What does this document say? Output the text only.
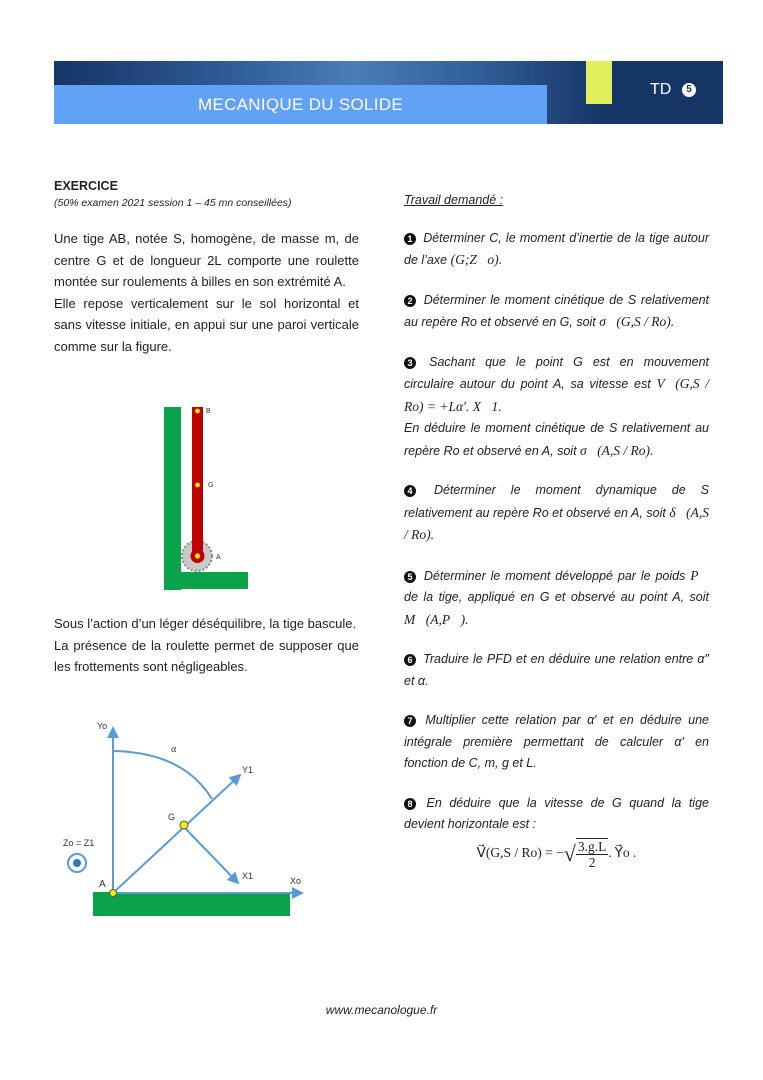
MECANIQUE DU SOLIDE
TD	5
EXERCICE
(50% examen 2021 session 1 – 45 mn conseillées)

Une tige AB, notée S, homogène, de masse m, de centre G et de longueur 2L comporte une roulette montée sur roulements à billes en son extrémité A.

Elle repose verticalement sur le sol horizontal et sans vitesse initiale, en appui sur une paroi verticale comme sur la figure.

B
G
A

Sous l’action d’un léger déséquilibre, la tige bascule.

La présence de la roulette permet de supposer que les frottements sont négligeables.

Yo
α
Y1
G
Zo = Z1
X1
A	Xo
Travail demandé :

1 Déterminer C, le moment d’inertie de la tige autour de l’axe (G;Z⃗o).

2 Déterminer le moment cinétique de S relativement au repère Ro et observé en G, soit σ⃗(G,S / Ro).

3 Sachant que le point G est en mouvement circulaire autour du point A, sa vitesse est V⃗(G,S / Ro) = +Lα′. X⃗1.
En déduire le moment cinétique de S relativement au repère Ro et observé en A, soit σ⃗(A,S / Ro).

4 Déterminer le moment dynamique de S relativement au repère Ro et observé en A, soit δ⃗(A,S / Ro).

5 Déterminer le moment développé par le poids P⃗ de la tige, appliqué en G et observé au point A, soit M⃗(A,P⃗).

6 Traduire le PFD et en déduire une relation entre α″ et α.

7 Multiplier cette relation par α′ et en déduire une intégrale première permettant de calculer α′ en fonction de C, m, g et L.

8 En déduire que la vitesse de G quand la tige devient horizontale est :

V⃗(G,S / Ro) = −√ $\frac{3.g.L}{2}$ . Y⃗o .
www.mecanologue.fr
